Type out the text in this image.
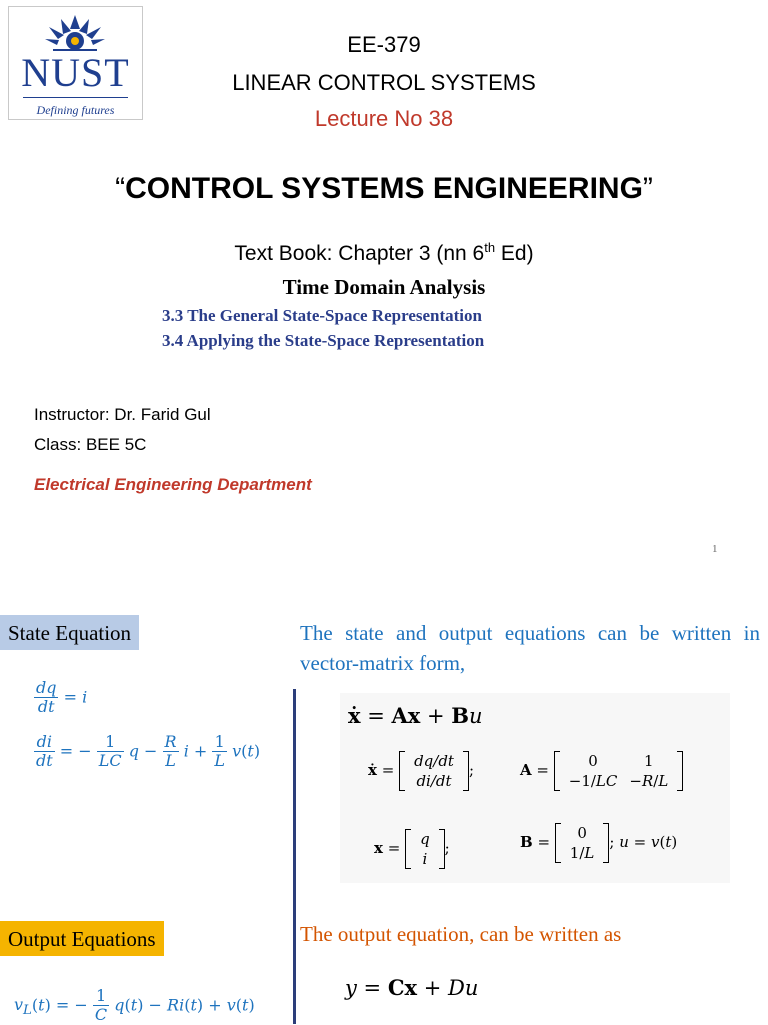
NUST
Defining futures
EE-379
LINEAR CONTROL SYSTEMS
Lecture No 38
“CONTROL SYSTEMS ENGINEERING”
Text Book: Chapter 3 (nn 6th Ed)
Time Domain Analysis
3.3 The General State-Space Representation
3.4 Applying the State-Space Representation
Instructor: Dr. Farid Gul
Class: BEE 5C
Electrical Engineering Department
1
State Equation	The state and output equations can be written in vector-matrix form,
$\frac{dq}{dt} = i$
$\frac{di}{dt}$ = − $\frac{1}{LC}$ $q - \frac{R}{L}$ $i + \frac{1}{L} v(t)$
ẋ = Ax + Bu
ẋ = dq/dt
di/dt
;	A = 0	1
−1/LC	−R/L
x = q
i
;	B = 0
1/L
; u = v(t)
Output Equations	The output equation, can be written as
y = Cx + Du
$v_L(t)$ = − $\frac{1}{C} q(t) - Ri(t) + v(t)$
